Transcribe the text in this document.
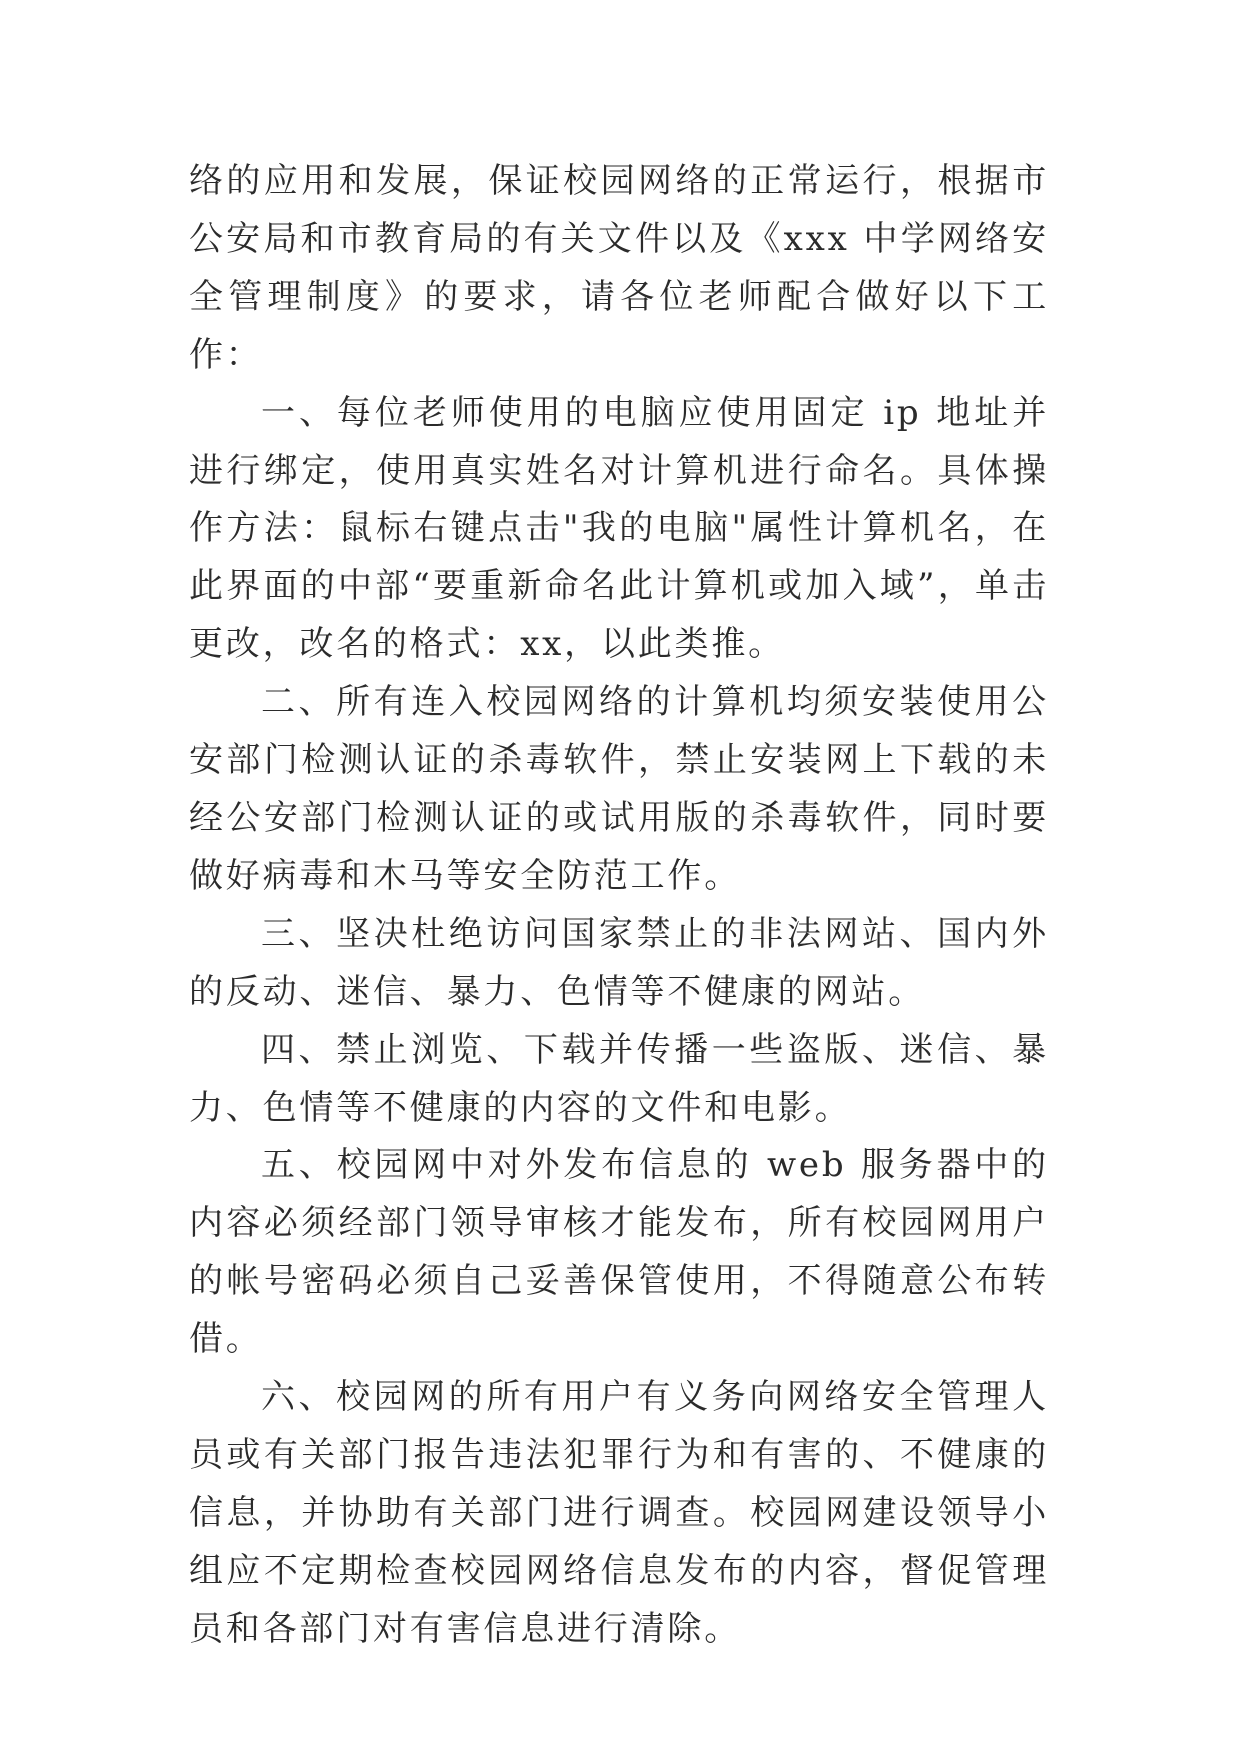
络的应用和发展，保证校园网络的正常运行，根据市公安局和市教育局的有关文件以及《xxx 中学网络安全管理制度》的要求，请各位老师配合做好以下工作：

一、每位老师使用的电脑应使用固定 ip 地址并进行绑定，使用真实姓名对计算机进行命名。具体操作方法：鼠标右键点击"我的电脑"属性计算机名，在此界面的中部“要重新命名此计算机或加入域”，单击更改，改名的格式：xx，以此类推。

二、所有连入校园网络的计算机均须安装使用公安部门检测认证的杀毒软件，禁止安装网上下载的未经公安部门检测认证的或试用版的杀毒软件，同时要做好病毒和木马等安全防范工作。

三、坚决杜绝访问国家禁止的非法网站、国内外的反动、迷信、暴力、色情等不健康的网站。

四、禁止浏览、下载并传播一些盗版、迷信、暴力、色情等不健康的内容的文件和电影。

五、校园网中对外发布信息的 web 服务器中的内容必须经部门领导审核才能发布，所有校园网用户的帐号密码必须自己妥善保管使用，不得随意公布转借。

六、校园网的所有用户有义务向网络安全管理人员或有关部门报告违法犯罪行为和有害的、不健康的信息，并协助有关部门进行调查。校园网建设领导小组应不定期检查校园网络信息发布的内容，督促管理员和各部门对有害信息进行清除。
